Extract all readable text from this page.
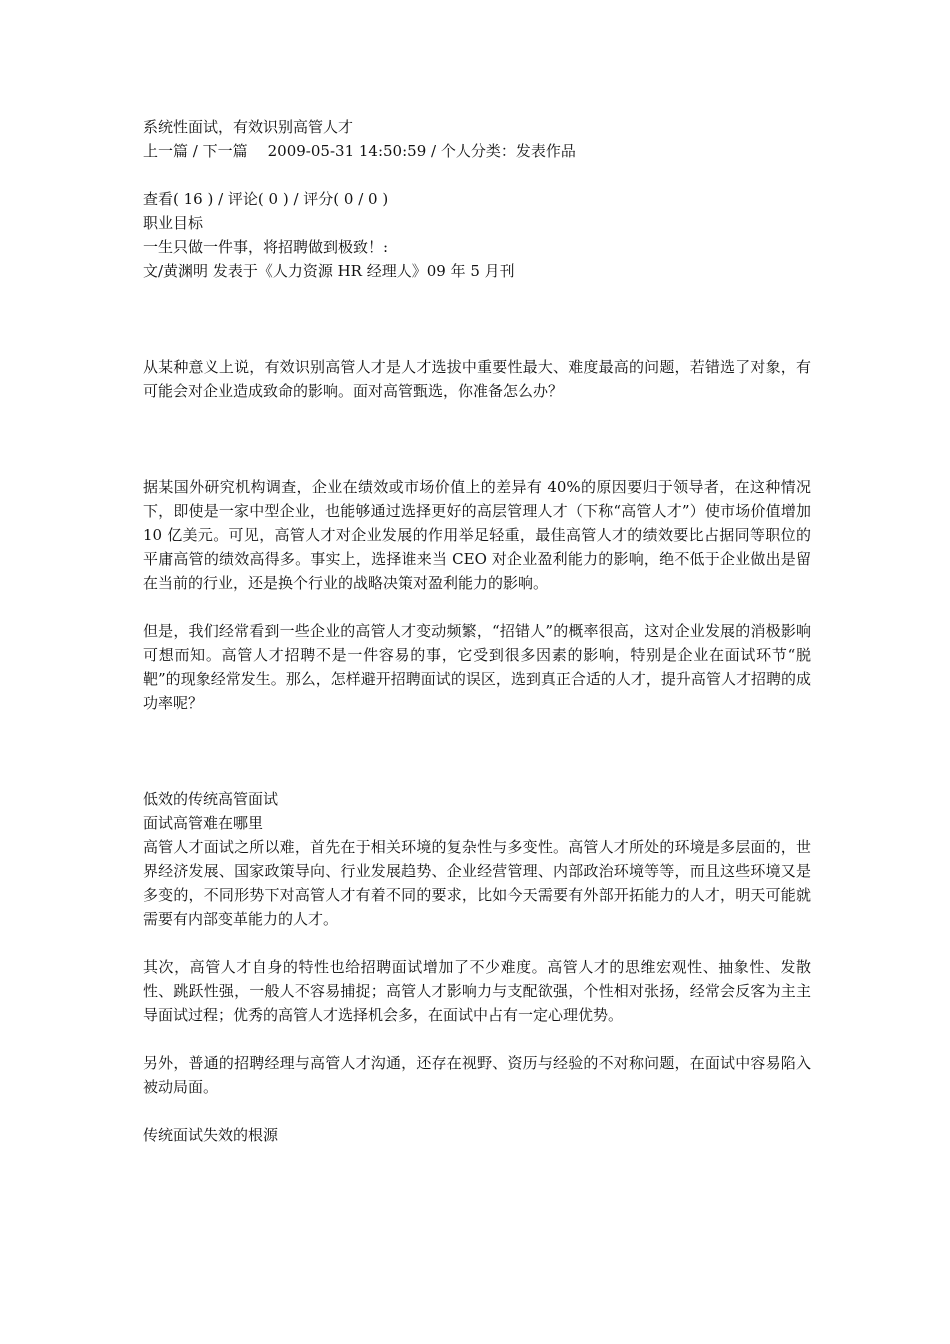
系统性面试，有效识别高管人才
上一篇 / 下一篇 2009-05-31 14:50:59 / 个人分类：发表作品
查看( 16 ) / 评论( 0 ) / 评分( 0 / 0 )
职业目标
一生只做一件事，将招聘做到极致！:
文/黄渊明 发表于《人力资源 HR 经理人》09 年 5 月刊

从某种意义上说，有效识别高管人才是人才选拔中重要性最大、难度最高的问题，若错选了对象，有可能会对企业造成致命的影响。面对高管甄选，你准备怎么办？

据某国外研究机构调查，企业在绩效或市场价值上的差异有 40%的原因要归于领导者，在这种情况下，即使是一家中型企业，也能够通过选择更好的高层管理人才（下称“高管人才”）使市场价值增加 10 亿美元。可见，高管人才对企业发展的作用举足轻重，最佳高管人才的绩效要比占据同等职位的平庸高管的绩效高得多。事实上，选择谁来当 CEO 对企业盈利能力的影响，绝不低于企业做出是留在当前的行业，还是换个行业的战略决策对盈利能力的影响。

但是，我们经常看到一些企业的高管人才变动频繁，“招错人”的概率很高，这对企业发展的消极影响可想而知。高管人才招聘不是一件容易的事，它受到很多因素的影响，特别是企业在面试环节“脱靶”的现象经常发生。那么，怎样避开招聘面试的误区，选到真正合适的人才，提升高管人才招聘的成功率呢？

低效的传统高管面试
面试高管难在哪里

高管人才面试之所以难，首先在于相关环境的复杂性与多变性。高管人才所处的环境是多层面的，世界经济发展、国家政策导向、行业发展趋势、企业经营管理、内部政治环境等等，而且这些环境又是多变的，不同形势下对高管人才有着不同的要求，比如今天需要有外部开拓能力的人才，明天可能就需要有内部变革能力的人才。

其次，高管人才自身的特性也给招聘面试增加了不少难度。高管人才的思维宏观性、抽象性、发散性、跳跃性强，一般人不容易捕捉；高管人才影响力与支配欲强，个性相对张扬，经常会反客为主主导面试过程；优秀的高管人才选择机会多，在面试中占有一定心理优势。

另外，普通的招聘经理与高管人才沟通，还存在视野、资历与经验的不对称问题，在面试中容易陷入被动局面。

传统面试失效的根源
